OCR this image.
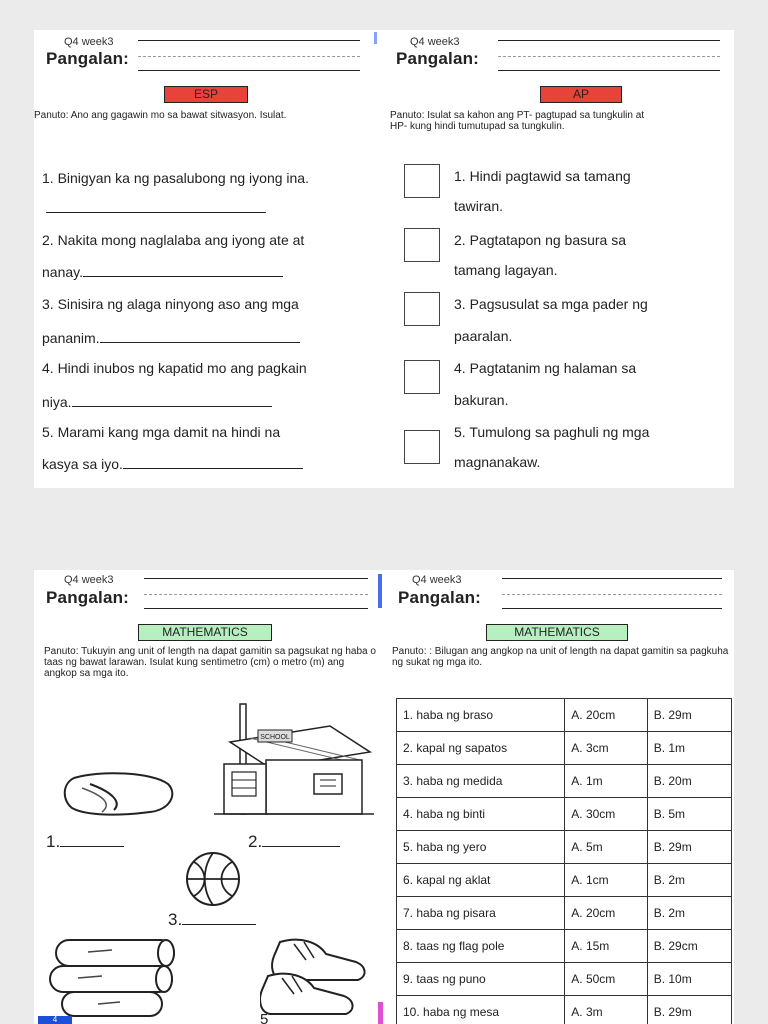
Q4 week3
Pangalan:
ESP
Panuto: Ano ang gagawin mo sa bawat sitwasyon. Isulat.
1. Binigyan ka ng pasalubong ng iyong ina.
2. Nakita mong naglalaba ang iyong ate at
nanay.
3. Sinisira ng alaga ninyong aso ang mga
pananim.
4. Hindi inubos ng kapatid mo ang pagkain
niya.
5. Marami kang mga damit na hindi na
kasya sa iyo.
Q4 week3
Pangalan:
AP
Panuto: Isulat sa kahon ang PT- pagtupad sa tungkulin at
HP- kung hindi tumutupad sa tungkulin.
1. Hindi pagtawid sa tamang
tawiran.
2. Pagtatapon ng basura sa
tamang lagayan.
3. Pagsusulat sa mga pader ng
paaralan.
4. Pagtatanim ng halaman sa
bakuran.
5. Tumulong sa paghuli ng mga
magnanakaw.
Q4 week3
Pangalan:
MATHEMATICS
Panuto: Tukuyin ang unit of length na dapat gamitin sa pagsukat ng haba o taas ng bawat larawan. Isulat kung sentimetro (cm) o metro (m) ang angkop sa mga ito.
SCHOOL
1.	2.
3.
4	5
Q4 week3
Pangalan:
MATHEMATICS
Panuto: : Bilugan ang angkop na unit of length na dapat gamitin sa pagkuha ng sukat ng mga ito.
1. haba ng braso	A. 20cm	B. 29m
2. kapal ng sapatos	A. 3cm	B. 1m
3. haba ng medida	A. 1m	B. 20m
4. haba ng binti	A. 30cm	B. 5m
5. haba ng yero	A. 5m	B. 29m
6. kapal ng aklat	A. 1cm	B. 2m
7. haba ng pisara	A. 20cm	B. 2m
8. taas ng flag pole	A. 15m	B. 29cm
9. taas ng puno	A. 50cm	B. 10m
10. haba ng mesa	A. 3m	B. 29m
